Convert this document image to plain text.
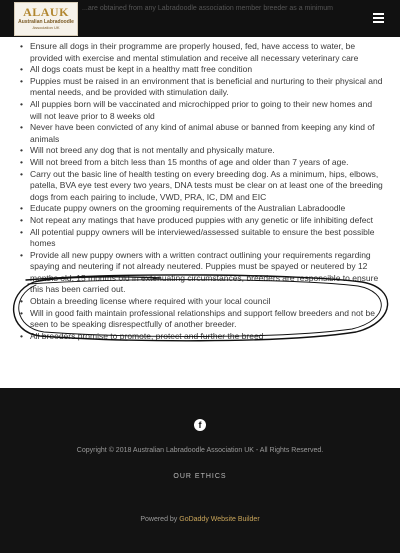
ALAUK
Australian Labradoodle
Association UK
...are obtained from any Labradoodle association member breeder as a minimum
• Ensure all dogs in their programme are properly housed, fed, have access to water, be provided with exercise and mental stimulation and receive all necessary veterinary care
• All dogs coats must be kept in a healthy matt free condition
• Puppies must be raised in an environment that is beneficial and nurturing to their physical and mental needs, and be provided with stimulation daily.
• All puppies born will be vaccinated and microchipped prior to going to their new homes and will not leave prior to 8 weeks old
• Never have been convicted of any kind of animal abuse or banned from keeping any kind of animals
• Will not breed any dog that is not mentally and physically mature.
• Will not breed from a bitch less than 15 months of age and older than 7 years of age.
• Carry out the basic line of health testing on every breeding dog. As a minimum, hips, elbows, patella, BVA eye test every two years, DNA tests must be clear on at least one of the breeding dogs from each pairing to include, VWD, PRA, IC, DM and EIC
• Educate puppy owners on the grooming requirements of the Australian Labradoodle
• Not repeat any matings that have produced puppies with any genetic or life inhibiting defect
• All potential puppy owners will be interviewed/assessed suitable to ensure the best possible homes
• Provide all new puppy owners with a written contract outlining your requirements regarding spaying and neutering if not already neutered. Puppies must be spayed or neutered by 12 months old, 15 months old in extenuating circumstances, breeders are responsible to ensure this has been carried out.
• Obtain a breeding license where required with your local council
• Will in good faith maintain professional relationships and support fellow breeders and not be seen to be speaking disrespectfully of another breeder.
• All breeders promise to promote, protect and further the breed
f
Copyright © 2018 Australian Labradoodle Association UK - All Rights Reserved.
OUR ETHICS
Powered by GoDaddy Website Builder
